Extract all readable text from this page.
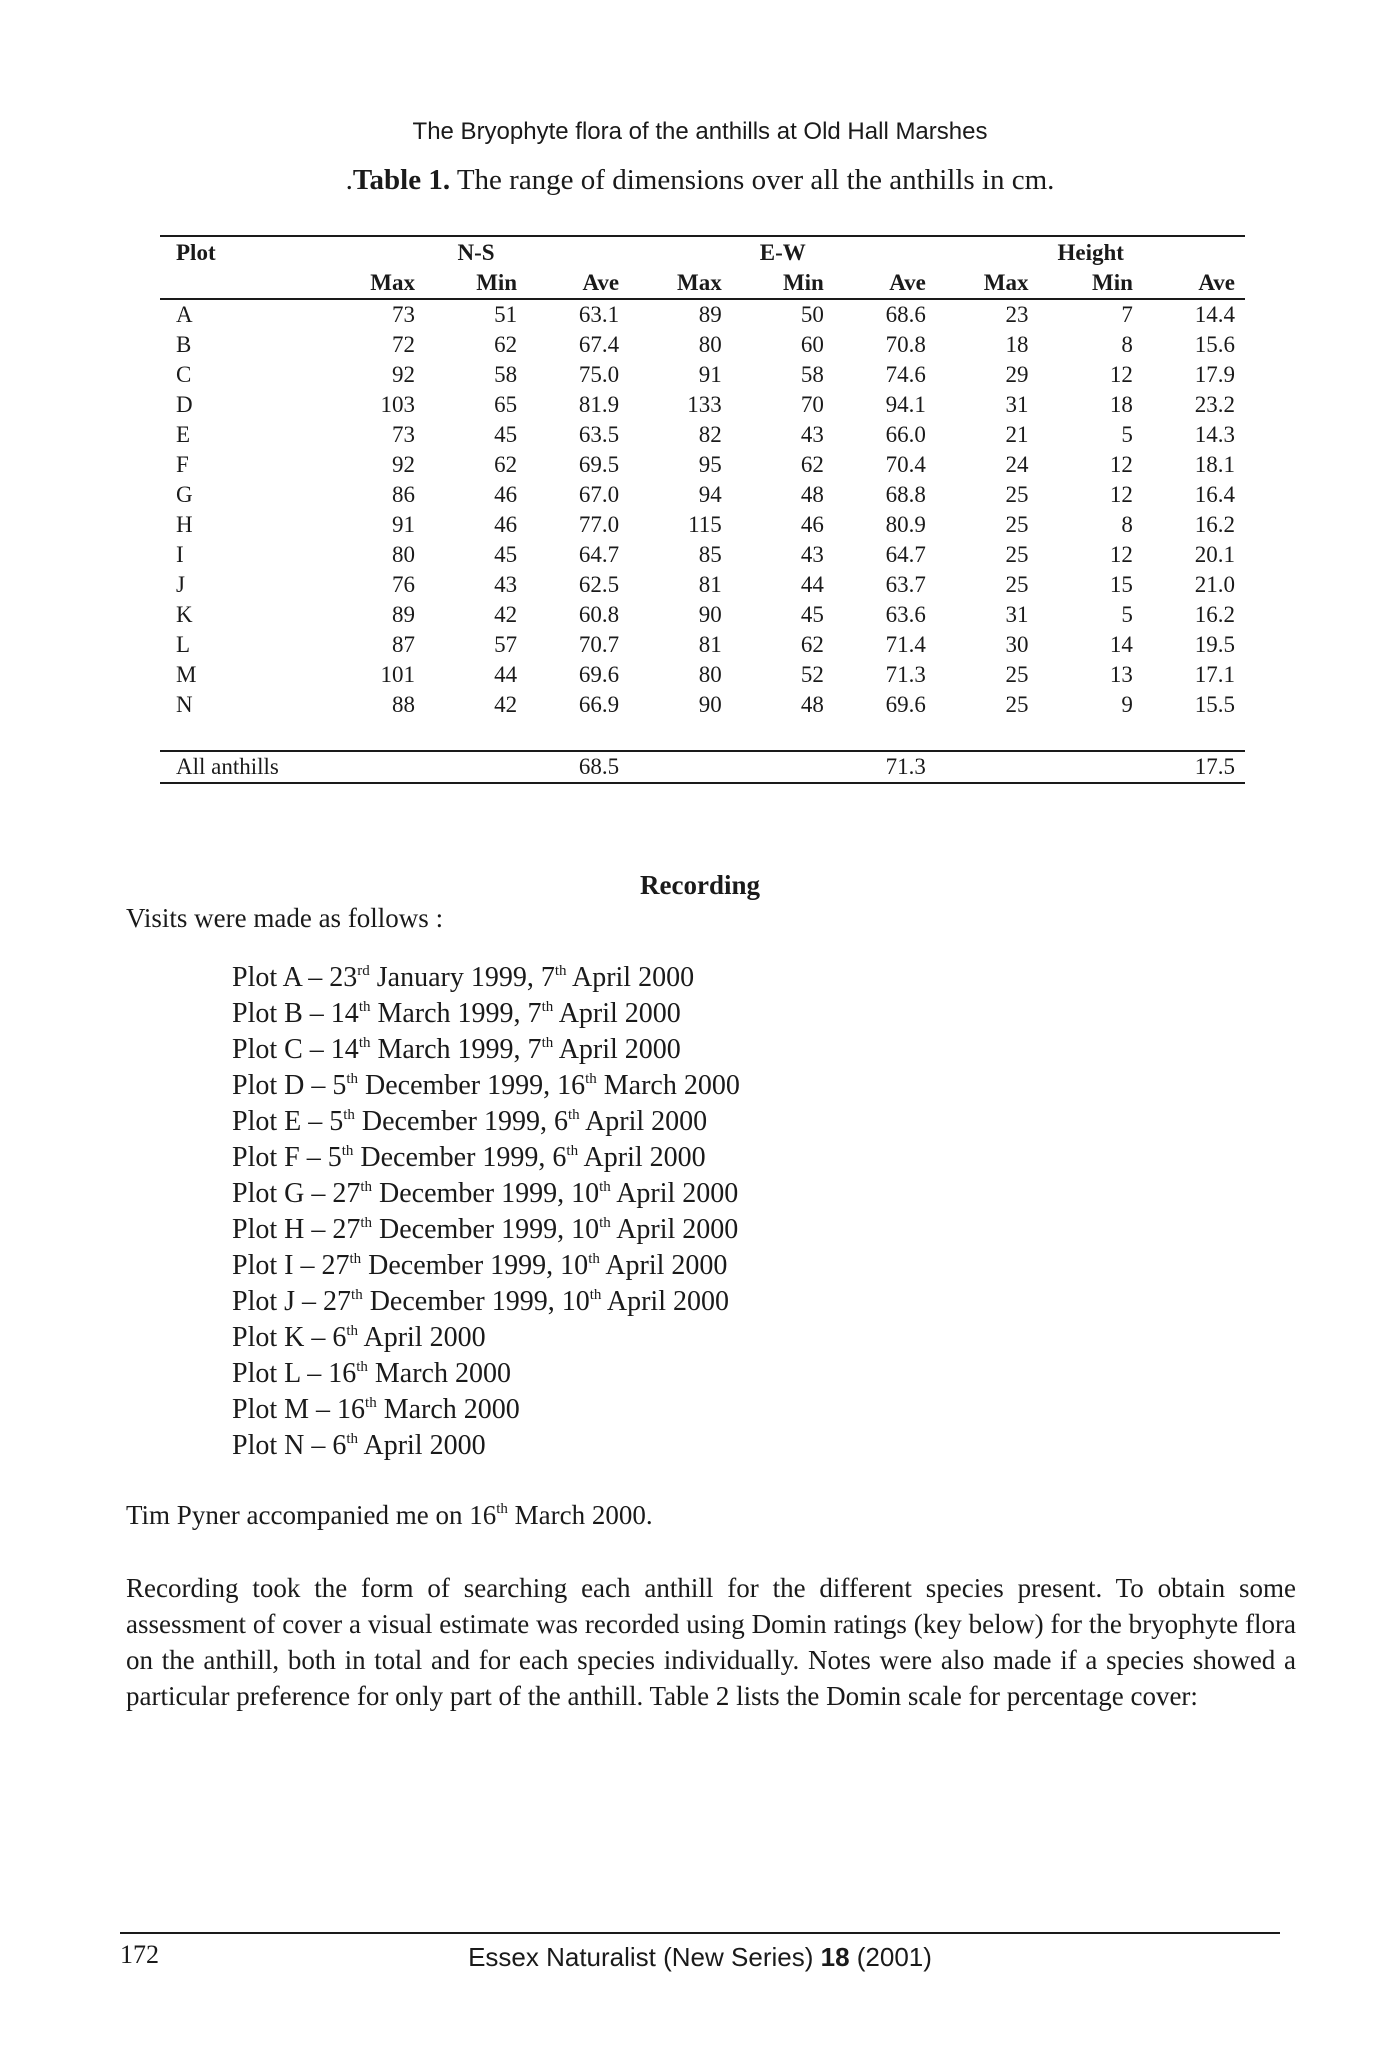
The Bryophyte flora of the anthills at Old Hall Marshes
.Table 1. The range of dimensions over all the anthills in cm.
Plot		N-S			E-W			Height	
	Max	Min	Ave	Max	Min	Ave	Max	Min	Ave
A	73	51	63.1	89	50	68.6	23	7	14.4
B	72	62	67.4	80	60	70.8	18	8	15.6
C	92	58	75.0	91	58	74.6	29	12	17.9
D	103	65	81.9	133	70	94.1	31	18	23.2
E	73	45	63.5	82	43	66.0	21	5	14.3
F	92	62	69.5	95	62	70.4	24	12	18.1
G	86	46	67.0	94	48	68.8	25	12	16.4
H	91	46	77.0	115	46	80.9	25	8	16.2
I	80	45	64.7	85	43	64.7	25	12	20.1
J	76	43	62.5	81	44	63.7	25	15	21.0
K	89	42	60.8	90	45	63.6	31	5	16.2
L	87	57	70.7	81	62	71.4	30	14	19.5
M	101	44	69.6	80	52	71.3	25	13	17.1
N	88	42	66.9	90	48	69.6	25	9	15.5

All anthills			68.5			71.3			17.5
Recording
Visits were made as follows :
Plot A – 23rd January 1999, 7th April 2000
Plot B – 14th March 1999, 7th April 2000
Plot C – 14th March 1999, 7th April 2000
Plot D – 5th December 1999, 16th March 2000
Plot E – 5th December 1999, 6th April 2000
Plot F – 5th December 1999, 6th April 2000
Plot G – 27th December 1999, 10th April 2000
Plot H – 27th December 1999, 10th April 2000
Plot I – 27th December 1999, 10th April 2000
Plot J – 27th December 1999, 10th April 2000
Plot K – 6th April 2000
Plot L – 16th March 2000
Plot M – 16th March 2000
Plot N – 6th April 2000
Tim Pyner accompanied me on 16th March 2000.

Recording took the form of searching each anthill for the different species present. To obtain some assessment of cover a visual estimate was recorded using Domin ratings (key below) for the bryophyte flora on the anthill, both in total and for each species individually. Notes were also made if a species showed a particular preference for only part of the anthill. Table 2 lists the Domin scale for percentage cover:

172	Essex Naturalist (New Series) 18 (2001)
